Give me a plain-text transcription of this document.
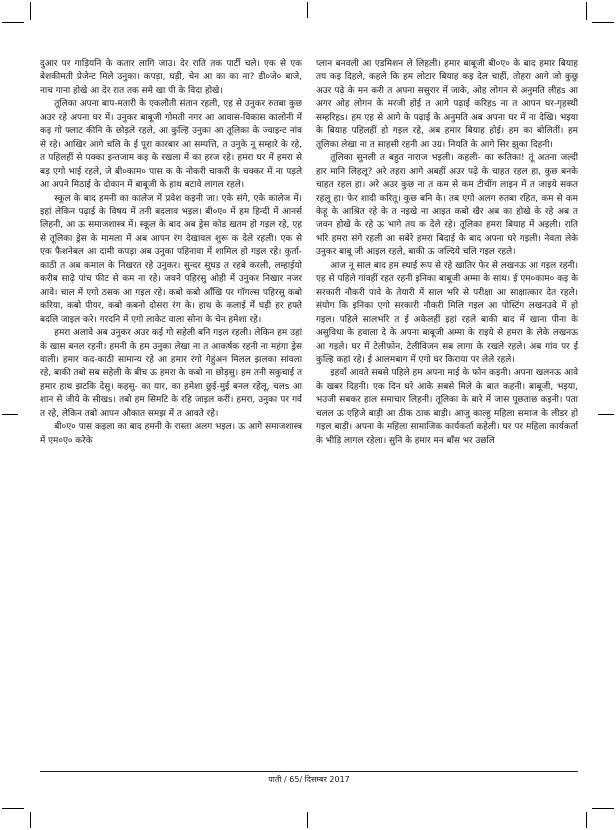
दुआर पर गाड़ियनि के कतार लागि जाउ। देर राति तक पार्टी चले। एक से एक बेशकीमती प्रेजेन्ट मिले उनुका। कपड़ा, घड़ी, चेन आ का का ना? डी०जे० बाजे, नाच गाना होखे आ देर रात तक समे खा पी के विदा होखे।

तूलिका अपना बाप-मतारी के एकलौती संतान रहली, एह से उनुकर रुतबा कुछ अउर रहे अपना घर में। उनुकर बाबूजी गोमती नगर आ आवास-विकास कालोनी में कइ गो फ्लाट कीनि के छोड़ले रहले, आ कुल्हि उनुका आ तूलिका के ज्वाइन्ट नांव से रहे। आखिर आगे चलि के ई पूरा कारबार आ सम्पत्ति, त उनुके नू सम्हारे के रहे, त पहिलहीं से पक्का इन्तजाम कइ के रखला में का हरज रहे। हमरा घर में हमरा से बड़ एगो भाई रहले, जे बी०काम० पास क के नोकरी चाकरी के चक्कर में ना पड़ले आ अपने मिठाई के दोकान में बाबूजी के हाथ बटावे लागल रहले।

स्कूल के बाद हमनी का कालेज में प्रवेश कइनी जा। एके संगे, एके कालेज में। इहां लेकिन पढ़ाई के विषय में तनी बदलाव भइल। बी०ए० में हम हिन्दी में आनर्स लिहनी, आ ऊ समाजशास्त्र में। स्कूल के बाद अब ड्रेस कोड खतम हो गइल रहे, एह से तूलिका ड्रेस के मामला में अब आपन रंग देखावल शुरू क देले रहली। एक से एक फैशनेबल आ दामी कपड़ा अब उनुका पहिनावा में शामिल हो गइल रहे। कुर्ता-काठी त अब कमाल के निखरत रहे उनुकर। सुन्दर सुघड़ त रहबे करली, लम्हाई़यो करीब साढ़े पांच फीट से कम ना रहे। जवने पहिरसु ओही में उनुकर निखार नजर आवे। चाल में एगो ठसक आ गइल रहे। कबो कबो आँखि पर गॉगल्स पहिरसु कबो करिया, कबो पीयर, कबो कबनो दोसरा रंग के। हाथ के कलाई में घड़ी हर हफ्ते बदलि जाइल करे। गरदनि में एगो लाकेट वाला सोना के चेन हमेशा रहे।

हमरा अलावे अब उनुकर अउर कई गो सहेली बनि गइल रहली। लेकिन हम उहां के खास बनल रहनी। हमनी के हम उनुका लेखा ना त आकर्षक रहनी ना महंगा ड्रेस वाली। हमार कद-काठी सामान्य रहे आ हमार रंगो गेहुंअन मिलल झलका सांवला रहे, बाकी तबो सब सहेली के बीच ऊ हमरा के कबो ना छोड़सु। हम तनी सकुचाई त हमार हाथ झटकि देसु। कहसु- का यार, का हमेशा छुई-मुई बनल रहेलू, चलs आ शान से जीये के सीखs। तबो हम सिमटि के रहि जाइल करीं। हमरा, उनुका पर गर्व त रहे, लेकिन तबो आपन औकात समझ में त आवते रहे।

बी०ए० पास कइला का बाद हमनी के रास्ता अलग भइल। ऊ आगे समाजशास्त्र में एम०ए० करेके

प्लान बनवली आ एडमिशन ले लिहली। हमार बाबूजी बी०ए० के बाद हमार बियाह तय कइ दिहले, कहले कि हम लोटार बियाह कइ देल चाहीं, तोहरा आगे जो कुछु अउर पढ़े के मन करी त अपना ससुरार में जाके, ओह लोगन से अनुमति लीहs आ अगर ओह लोगन के मरजी होई त आगे पढ़ाई करिहs ना त आपन घर-गृहस्थी सम्हरिहs। हम एह से आगे के पढ़ाई के अनुमति अब अपना घर में ना देखि। भइया के बियाह पहिलहीं हो गइल रहे, अब हमार बियाह होई। हम का बोलितीं। हम तूलिका लेखा ना त साहसी रहनी आ उग्र। नियति के आगे सिर झुका दिहनी।

तूलिका सुनली त बहुत नाराज भइली। कहली- का रूतिका! तूं अतना जल्दी हार मानि लिहलू? अरे तहरा आगे अबहीं अउर पढ़े के चाहत रहल हा, कुछ बनके चाहत रहल हा। अरे अउर कुछ ना त कम से कम टीचींग लाइन में त जाइये सकत रहलू हा। फेर शादी करितू। कुछ बनि के। तब एगो अलग रुतबा रहित, कम से कम केहू के आश्रित रहे के त नइखे ना आइत कबो खैर अब का होखे के रहे अब त जवन होखे के रहे ऊ भागे तय क देले रहे। तूलिका हमरा बियाह में अइली। राति भरि हमरा संगे रहली आ सबेरे हमरा बिदाई के बाद अपना घरे गइली। नेवता लेके उनुकर बाबू जी आइल रहले, बाकी ऊ जल्दिये चलि गइल रहले।

आज नू साल बाद हम स्थाई रूप से रहे खातिर फेर से लखनऊ आ गइल रहनी। एह से पहिले गांवहीं रहत रहनी इनिका बाबूजी अम्मा के साथ। ई एम०काम० कइ के सरकारी नौकरी पावे के तेयारी में साल भरि से परीक्षा आ साक्षात्कार देत रहले। संयोग कि इनिका एगो सरकारी नौकरी मिलि गइल आ पोस्टिंग लखनउवे में हो गइल। पहिले सालभरि त ई अकेलहीं इहां रहले बाकी बाद में खाना पीना के असुविधा के हवाला दे के अपना बाबूजी अम्मा के राइये से हमरा के लेके लखनऊ आ गइले। घर में टेलीफोन, टेलीविजन सब लागा के रखले रहले। अब गांव पर ई कुल्हि कहां रहे। ई आलमबाग में एगो घर किराया पर लेले रहले।

इहवाँ आवते सबसे पहिले हम अपना माई के फोन कइनी। अपना खलनऊ आवे के खबर दिहनी। एक दिन घरे आके सबसे मिले के बात कहनी। बाबूजी, भइया, भउजी सबकर हाल समाचार लिहनी। तूलिका के बारे में जास पूछताछ कइनी। पता चलल ऊ एहिजे बाड़ी आ ठीक ठाक बाड़ी। आजु काल्हु महिला समाज के लीडर हो गइल बाड़ी। अपना के महिला सामाजिक कार्यकर्ता कहेली। घर पर महिला कार्यकर्ता के भीड़ि लागल रहेला। सुनि के हमार मन बाँस भर उछलि

पाती / 65/ दिसम्बर 2017
